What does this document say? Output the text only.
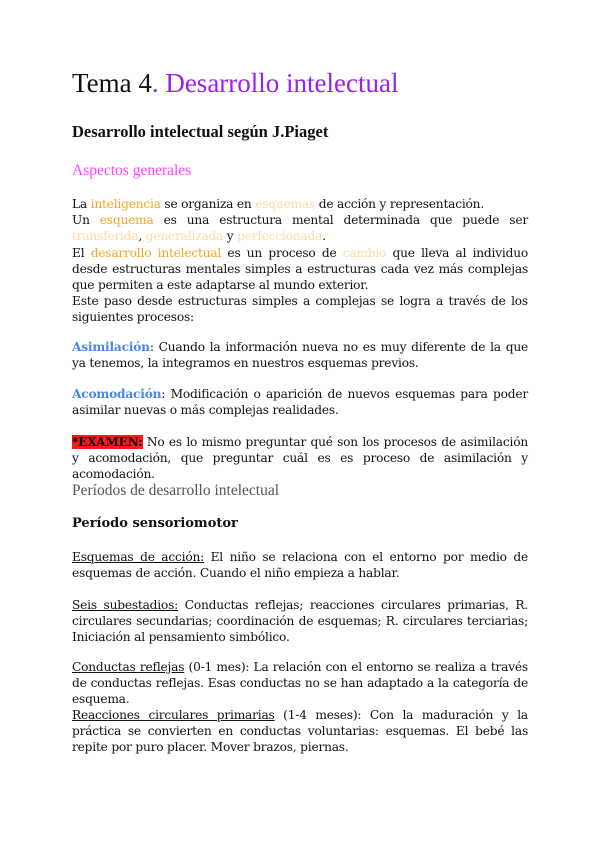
Tema 4. Desarrollo intelectual
Desarrollo intelectual según J.Piaget
Aspectos generales
La inteligencia se organiza en esquemas de acción y representación.
Un esquema es una estructura mental determinada que puede ser transferida, generalizada y perfeccionada.
El desarrollo intelectual es un proceso de cambio que lleva al individuo desde estructuras mentales simples a estructuras cada vez más complejas que permiten a este adaptarse al mundo exterior.
Este paso desde estructuras simples a complejas se logra a través de los siguientes procesos:
Asimilación: Cuando la información nueva no es muy diferente de la que ya tenemos, la integramos en nuestros esquemas previos.
Acomodación: Modificación o aparición de nuevos esquemas para poder asimilar nuevas o más complejas realidades.
*EXAMEN: No es lo mismo preguntar qué son los procesos de asimilación y acomodación, que preguntar cuál es es proceso de asimilación y acomodación.
Períodos de desarrollo intelectual
Período sensoriomotor
Esquemas de acción: El niño se relaciona con el entorno por medio de esquemas de acción. Cuando el niño empieza a hablar.
Seis subestadios: Conductas reflejas; reacciones circulares primarias, R. circulares secundarias; coordinación de esquemas; R. circulares terciarias; Iniciación al pensamiento simbólico.
Conductas reflejas (0-1 mes): La relación con el entorno se realiza a través de conductas reflejas. Esas conductas no se han adaptado a la categoría de esquema.
Reacciones circulares primarias (1-4 meses): Con la maduración y la práctica se convierten en conductas voluntarias: esquemas. El bebé las repite por puro placer. Mover brazos, piernas.
